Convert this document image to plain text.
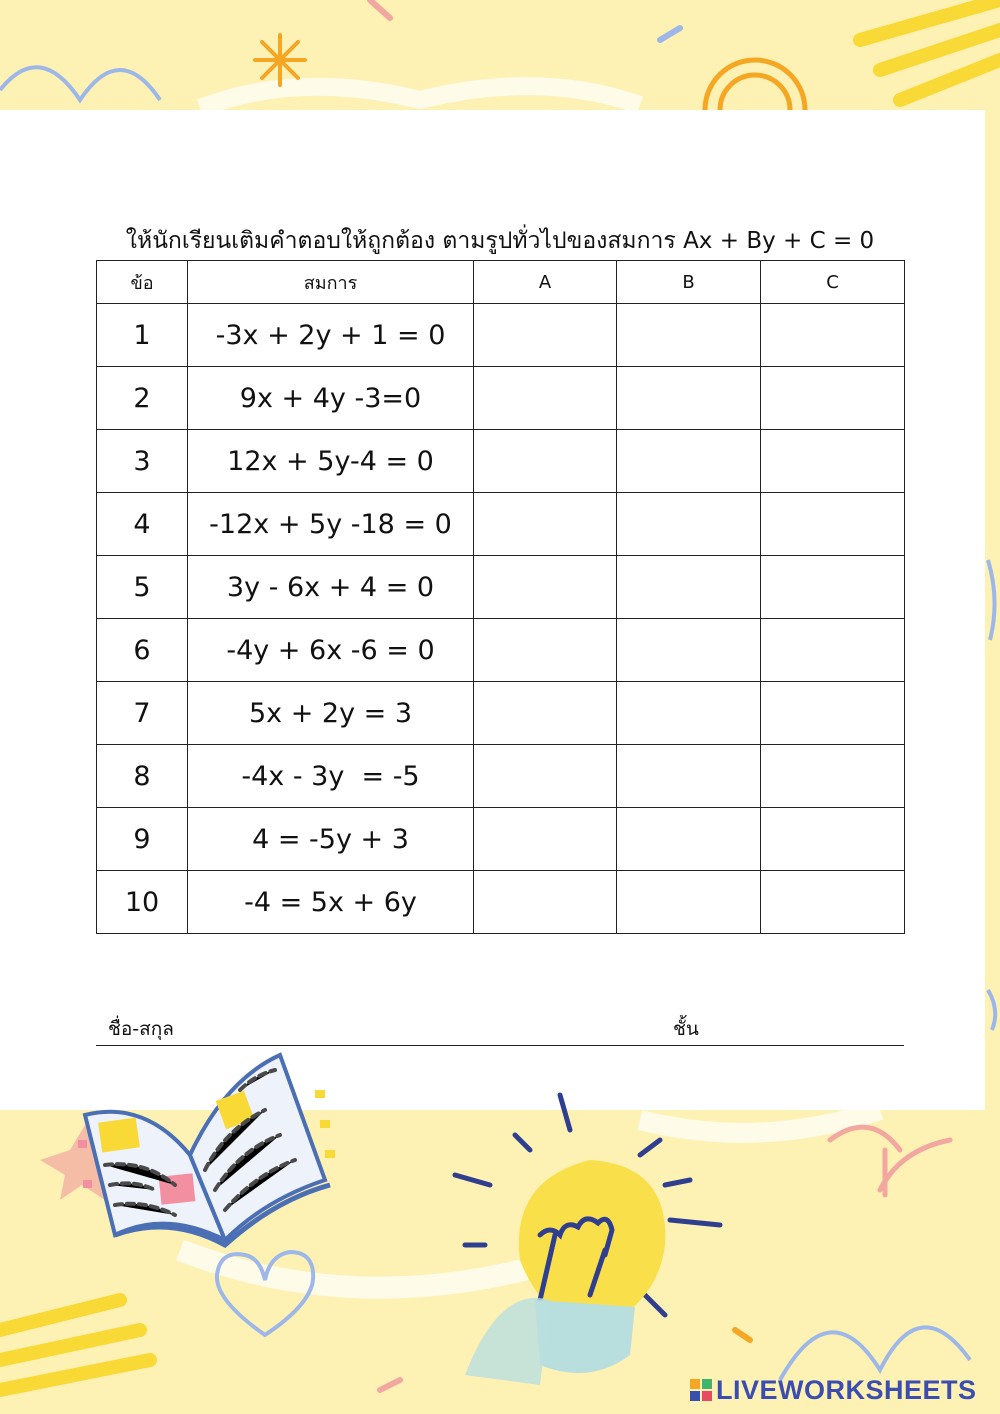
ให้นักเรียนเติมคำตอบให้ถูกต้อง ตามรูปทั่วไปของสมการ Ax + By + C = 0
ข้อ	สมการ	A	B	C
1	-3x + 2y + 1 = 0			
2	9x + 4y -3=0			
3	12x + 5y-4 = 0			
4	-12x + 5y -18 = 0			
5	3y - 6x + 4 = 0			
6	-4y + 6x -6 = 0			
7	5x + 2y = 3			
8	-4x - 3y  = -5			
9	4 = -5y + 3			
10	-4 = 5x + 6y			
ชื่อ-สกุล	ชั้น
LIVEWORKSHEETS
